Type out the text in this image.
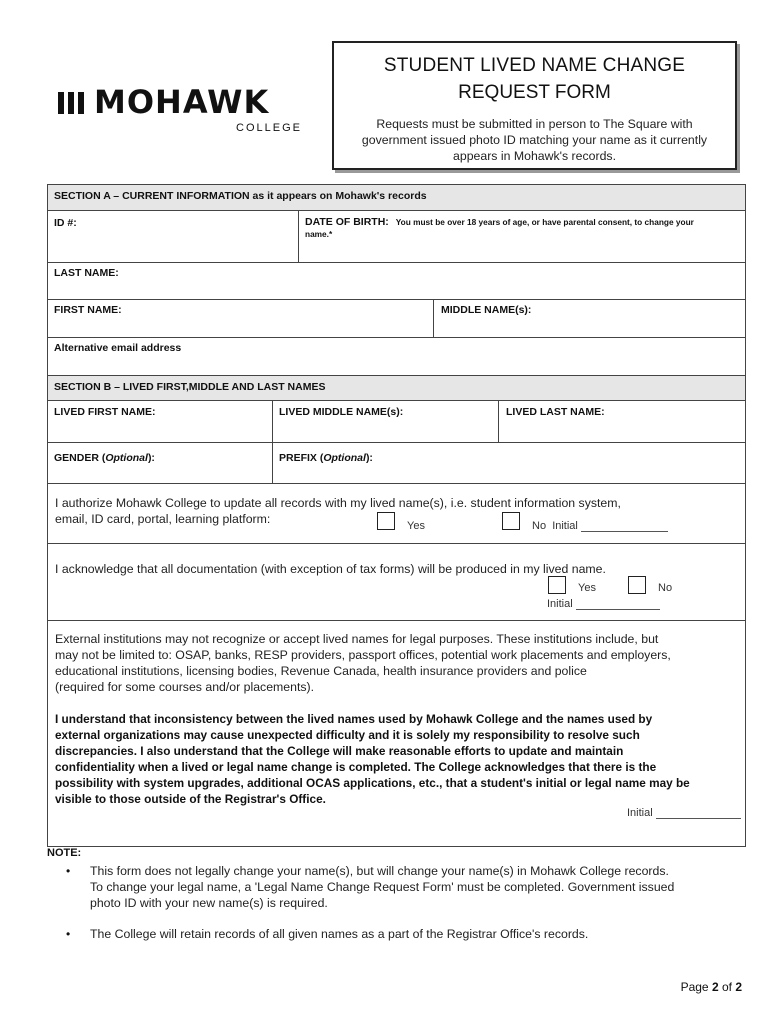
MOHAWK
COLLEGE
STUDENT LIVED NAME CHANGE
REQUEST FORM
Requests must be submitted in person to The Square with government issued photo ID matching your name as it currently appears in Mohawk's records.
SECTION A – CURRENT INFORMATION as it appears on Mohawk's records
ID #:	DATE OF BIRTH: You must be over 18 years of age, or have parental consent, to change your
name.*
LAST NAME:
FIRST NAME:	MIDDLE NAME(s):
Alternative email address
SECTION B – LIVED FIRST,MIDDLE AND LAST NAMES
LIVED FIRST NAME:	LIVED MIDDLE NAME(s):	LIVED LAST NAME:
GENDER (Optional):	PREFIX (Optional):
I authorize Mohawk College to update all records with my lived name(s), i.e. student information system,
email, ID card, portal, learning platform:	Yes	No Initial
I acknowledge that all documentation (with exception of tax forms) will be produced in my lived name.
Yes	No
Initial
External institutions may not recognize or accept lived names for legal purposes. These institutions include, but
may not be limited to: OSAP, banks, RESP providers, passport offices, potential work placements and employers,
educational institutions, licensing bodies, Revenue Canada, health insurance providers and police
(required for some courses and/or placements).
I understand that inconsistency between the lived names used by Mohawk College and the names used by
external organizations may cause unexpected difficulty and it is solely my responsibility to resolve such
discrepancies. I also understand that the College will make reasonable efforts to update and maintain
confidentiality when a lived or legal name change is completed. The College acknowledges that there is the
possibility with system upgrades, additional OCAS applications, etc., that a student's initial or legal name may be
visible to those outside of the Registrar's Office.
Initial
NOTE:
• This form does not legally change your name(s), but will change your name(s) in Mohawk College records.
To change your legal name, a 'Legal Name Change Request Form' must be completed. Government issued
photo ID with your new name(s) is required.
• The College will retain records of all given names as a part of the Registrar Office's records.
Page 2 of 2
